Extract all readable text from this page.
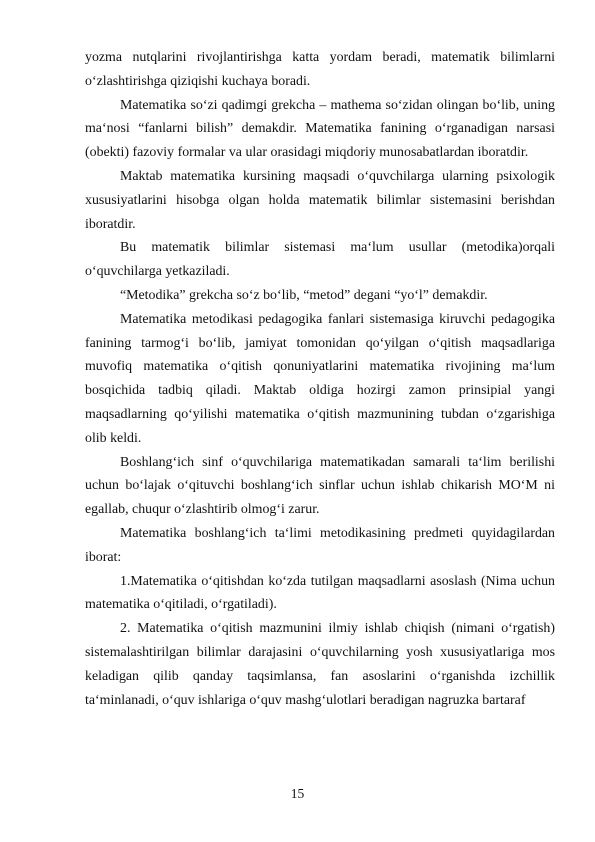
yozma nutqlarini rivojlantirishga katta yordam beradi, matematik bilimlarni oʻzlashtirishga qiziqishi kuchaya boradi.

Matematika soʻzi qadimgi grekcha – mathema soʻzidan olingan boʻlib, uning maʻnosi “fanlarni bilish” demakdir. Matematika fanining oʻrganadigan narsasi (obekti) fazoviy formalar va ular orasidagi miqdoriy munosabatlardan iboratdir.

Maktab matematika kursining maqsadi oʻquvchilarga ularning psixologik xususiyatlarini hisobga olgan holda matematik bilimlar sistemasini berishdan iboratdir.

Bu matematik bilimlar sistemasi maʻlum usullar (metodika)orqali oʻquvchilarga yetkaziladi.

“Metodika” grekcha soʻz boʻlib, “metod” degani “yoʻl” demakdir.

Matematika metodikasi pedagogika fanlari sistemasiga kiruvchi pedagogika fanining tarmogʻi boʻlib, jamiyat tomonidan qoʻyilgan oʻqitish maqsadlariga muvofiq matematika oʻqitish qonuniyatlarini matematika rivojining maʻlum bosqichida tadbiq qiladi. Maktab oldiga hozirgi zamon prinsipial yangi maqsadlarning qoʻyilishi matematika oʻqitish mazmunining tubdan oʻzgarishiga olib keldi.

Boshlangʻich sinf oʻquvchilariga matematikadan samarali taʻlim berilishi uchun boʻlajak oʻqituvchi boshlangʻich sinflar uchun ishlab chikarish MOʻM ni egallab, chuqur oʻzlashtirib olmogʻi zarur.

Matematika boshlangʻich taʻlimi metodikasining predmeti quyidagilardan iborat:

1.Matematika oʻqitishdan koʻzda tutilgan maqsadlarni asoslash (Nima uchun matematika oʻqitiladi, oʻrgatiladi).

2. Matematika oʻqitish mazmunini ilmiy ishlab chiqish (nimani oʻrgatish) sistemalashtirilgan bilimlar darajasini oʻquvchilarning yosh xususiyatlariga mos keladigan qilib qanday taqsimlansa, fan asoslarini oʻrganishda izchillik taʻminlanadi, oʻquv ishlariga oʻquv mashgʻulotlari beradigan nagruzka bartaraf

15
